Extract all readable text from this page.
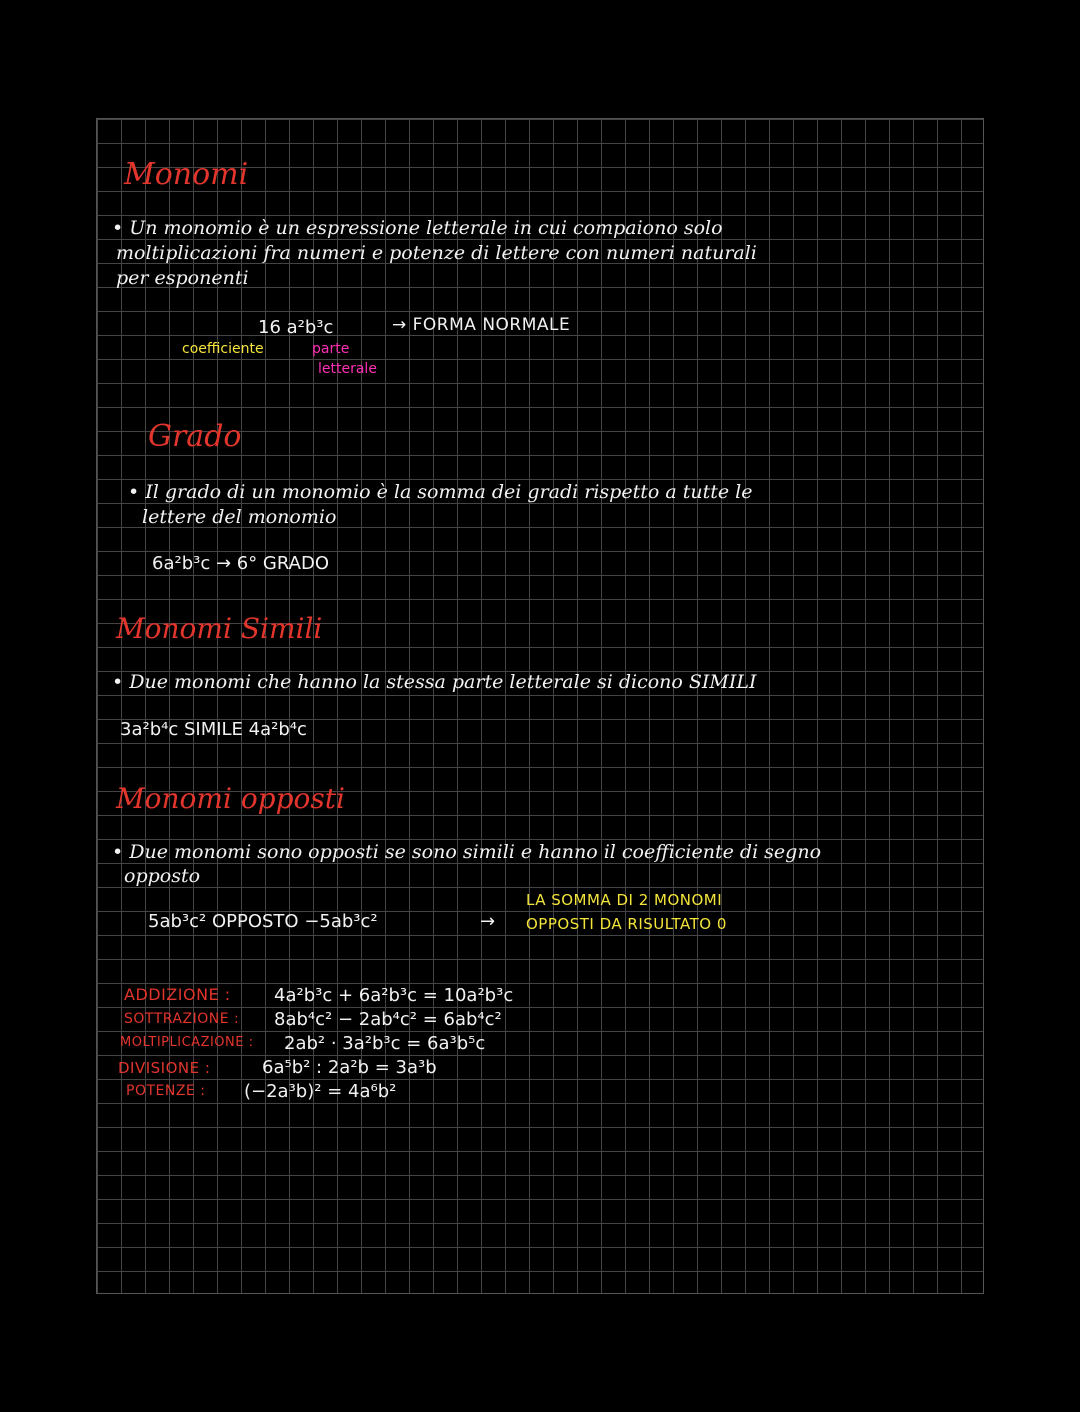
Monomi
• Un monomio è un espressione letterale in cui compaiono solo
moltiplicazioni fra numeri e potenze di lettere con numeri naturali
per esponenti
16 a²b³c	→ FORMA NORMALE
coefficiente	parte
letterale
Grado
• Il grado di un monomio è la somma dei gradi rispetto a tutte le
lettere del monomio
6a²b³c → 6° GRADO
Monomi Simili
• Due monomi che hanno la stessa parte letterale si dicono SIMILI
3a²b⁴c SIMILE 4a²b⁴c
Monomi opposti
• Due monomi sono opposti se sono simili e hanno il coefficiente di segno
opposto
5ab³c² OPPOSTO −5ab³c²	→
LA SOMMA DI 2 MONOMI
OPPOSTI DA RISULTATO 0
ADDIZIONE : 4a²b³c + 6a²b³c = 10a²b³c
SOTTRAZIONE : 8ab⁴c² − 2ab⁴c² = 6ab⁴c²
MOLTIPLICAZIONE : 2ab² · 3a²b³c = 6a³b⁵c
DIVISIONE :	6a⁵b² : 2a²b = 3a³b
POTENZE : (−2a³b)² = 4a⁶b²
